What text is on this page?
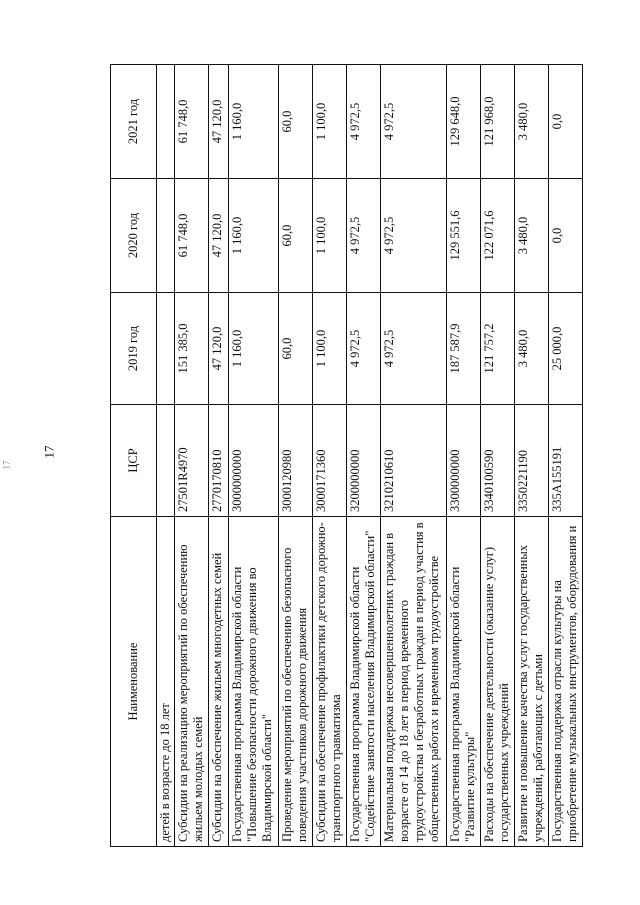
17
17
Наименование	ЦСР	2019 год	2020 год	2021 год
детей в возрасте до 18 лет				
Субсидии на реализацию мероприятий по обеспечению жильем молодых семей	27501R4970	151 385,0	61 748,0	61 748,0
Субсидии на обеспечение жильем многодетных семей	2770170810	47 120,0	47 120,0	47 120,0
Государственная программа Владимирской области "Повышение безопасности дорожного движения во Владимирской области"	3000000000	1 160,0	1 160,0	1 160,0
Проведение мероприятий по обеспечению безопасного поведения участников дорожного движения	3000120980	60,0	60,0	60,0
Субсидии на обеспечение профилактики детского дорожно-транспортного травматизма	3000171360	1 100,0	1 100,0	1 100,0
Государственная программа Владимирской области "Содействие занятости населения Владимирской области"	3200000000	4 972,5	4 972,5	4 972,5
Материальная поддержка несовершеннолетних граждан в возрасте от 14 до 18 лет в период временного трудоустройства и безработных граждан в период участия в общественных работах и временном трудоустройстве	3210210610	4 972,5	4 972,5	4 972,5
Государственная программа Владимирской области "Развитие культуры"	3300000000	187 587,9	129 551,6	129 648,0
Расходы на обеспечение деятельности (оказание услуг) государственных учреждений	3340100590	121 757,2	122 071,6	121 968,0
Развитие и повышение качества услуг государственных учреждений, работающих с детьми	3350221190	3 480,0	3 480,0	3 480,0
Государственная поддержка отрасли культуры на приобретение музыкальных инструментов, оборудования и	335A155191	25 000,0	0,0	0,0
